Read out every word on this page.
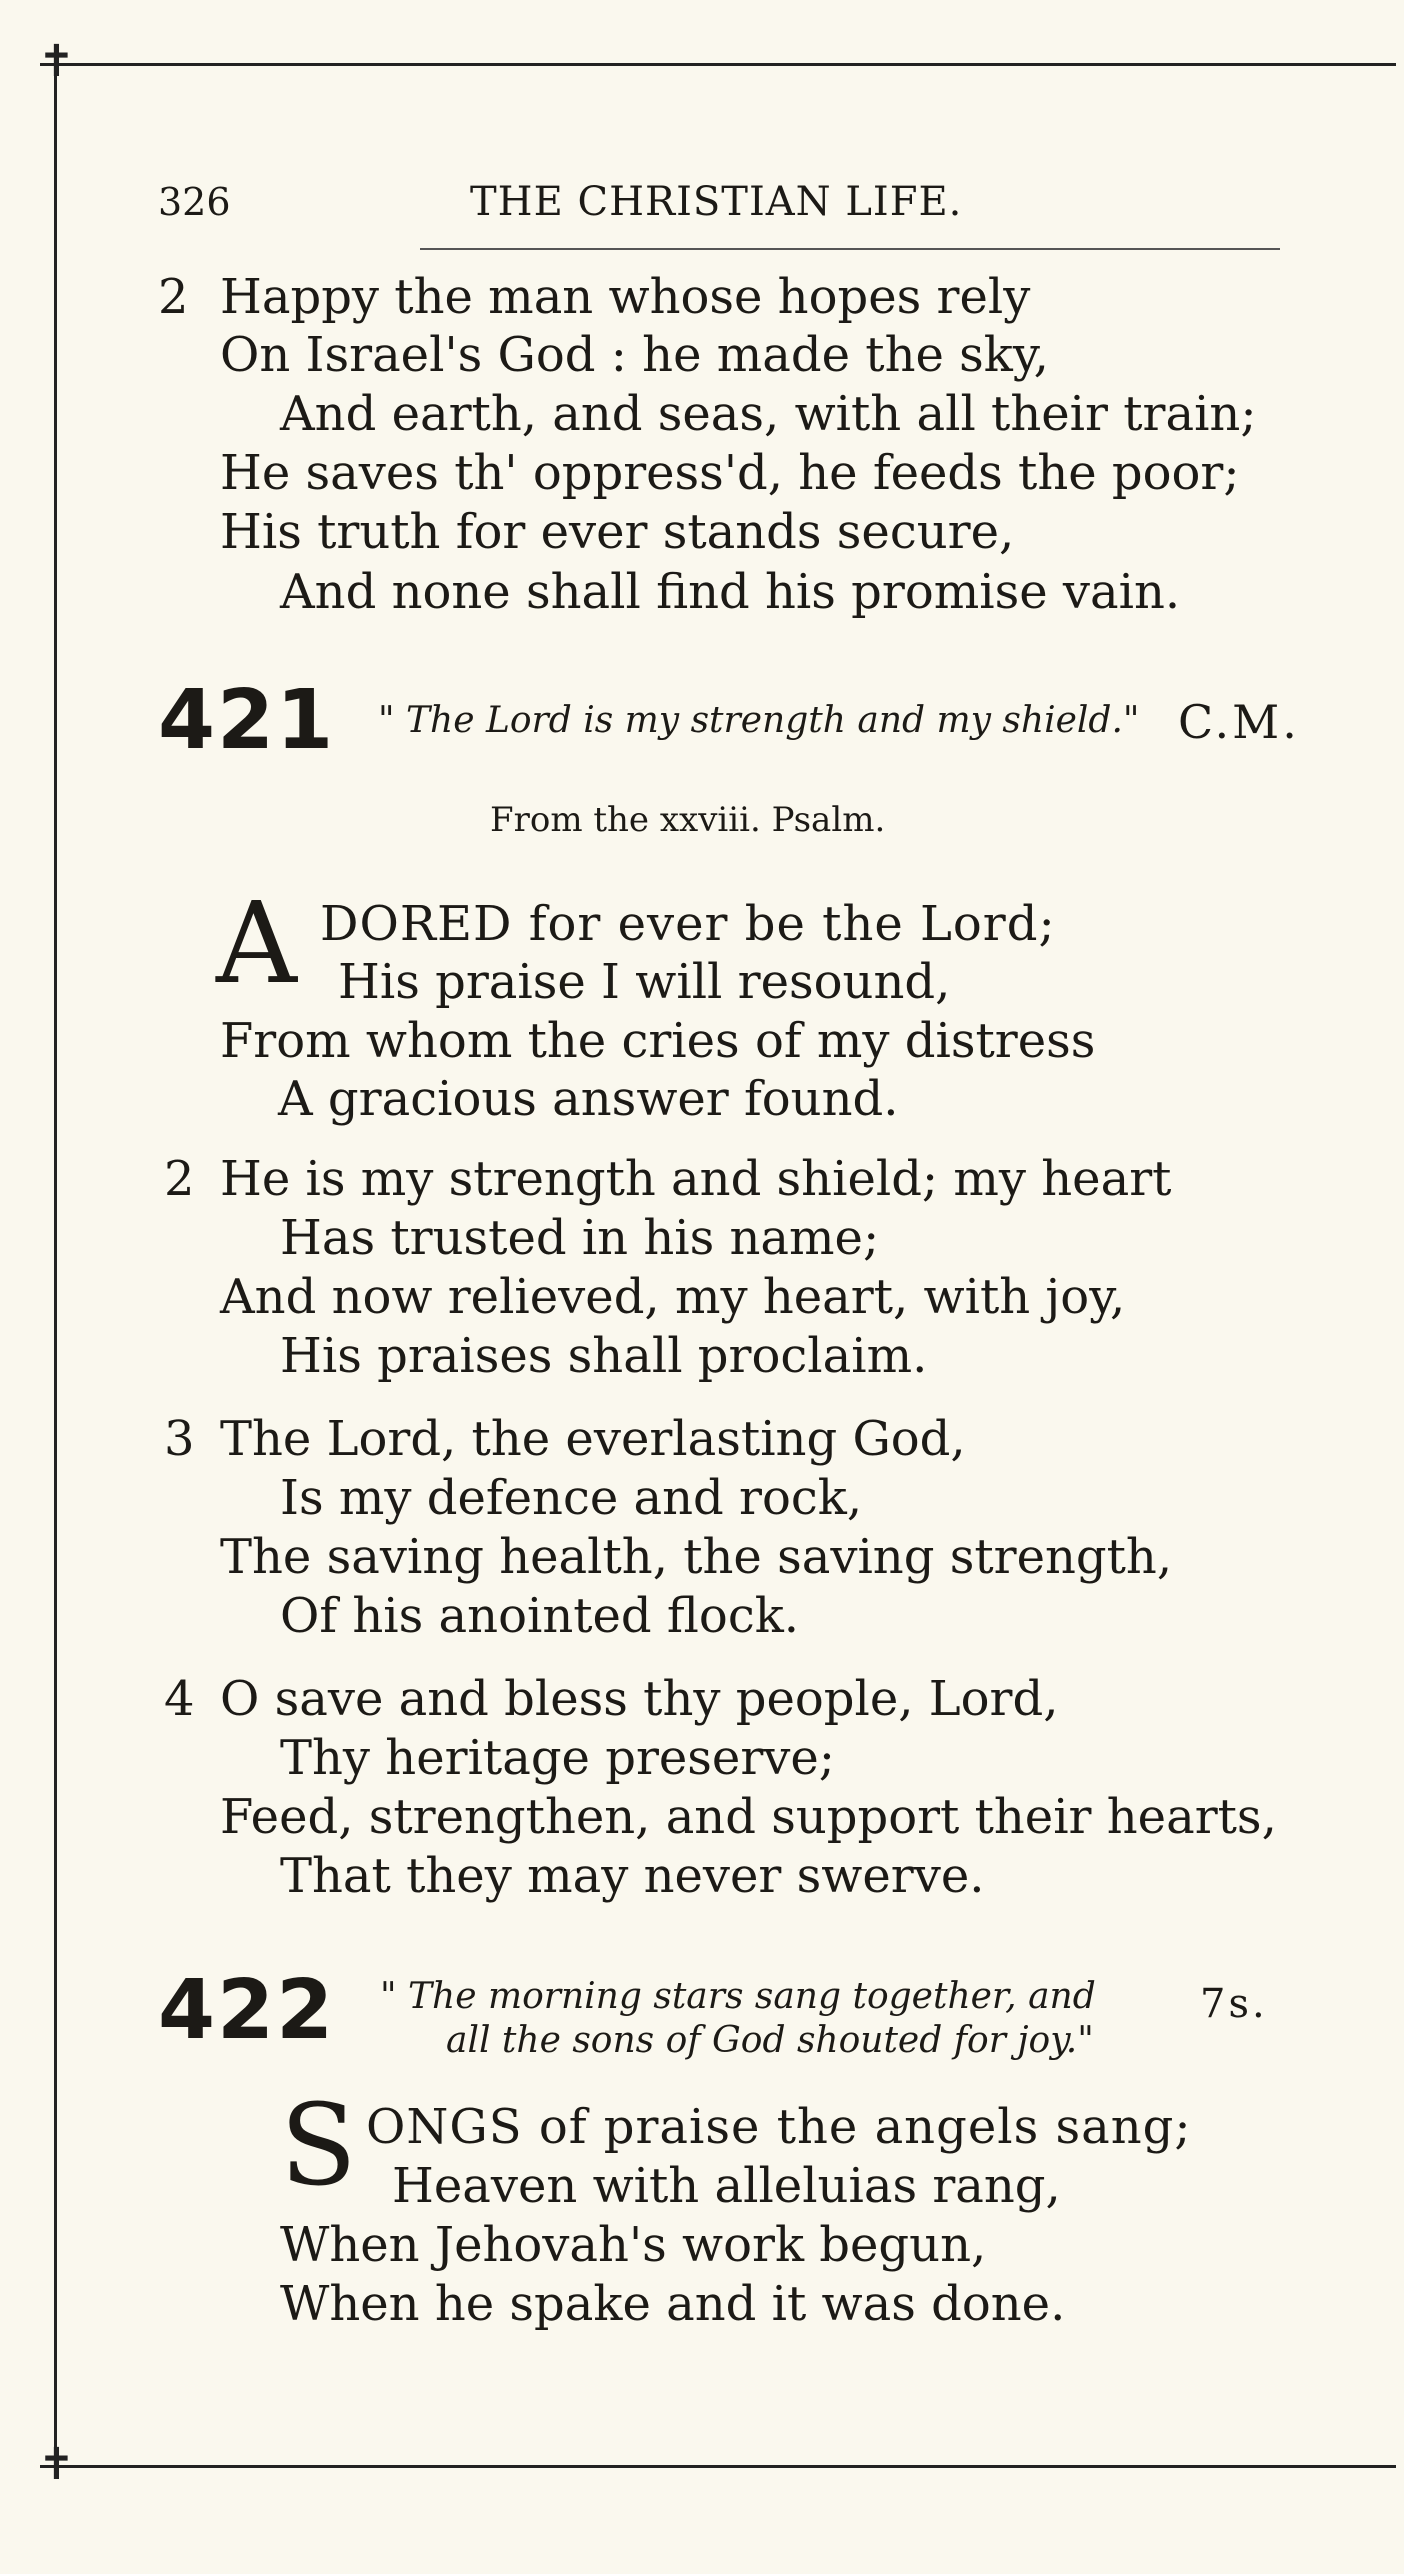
✝
✝
326	THE CHRISTIAN LIFE.
2 Happy the man whose hopes rely
On Israel's God : he made the sky,
And earth, and seas, with all their train;
He saves th' oppress'd, he feeds the poor;
His truth for ever stands secure,
And none shall find his promise vain.
421 " The Lord is my strength and my shield." C.M.
From the xxviii. Psalm.
A DORED for ever be the Lord;
His praise I will resound,
From whom the cries of my distress
A gracious answer found.
2 He is my strength and shield; my heart
Has trusted in his name;
And now relieved, my heart, with joy,
His praises shall proclaim.
3 The Lord, the everlasting God,
Is my defence and rock,
The saving health, the saving strength,
Of his anointed flock.
4 O save and bless thy people, Lord,
Thy heritage preserve;
Feed, strengthen, and support their hearts,
That they may never swerve.
422 " The morning stars sang together, and
all the sons of God shouted for joy."
7s.
S ONGS of praise the angels sang;
Heaven with alleluias rang,
When Jehovah's work begun,
When he spake and it was done.
